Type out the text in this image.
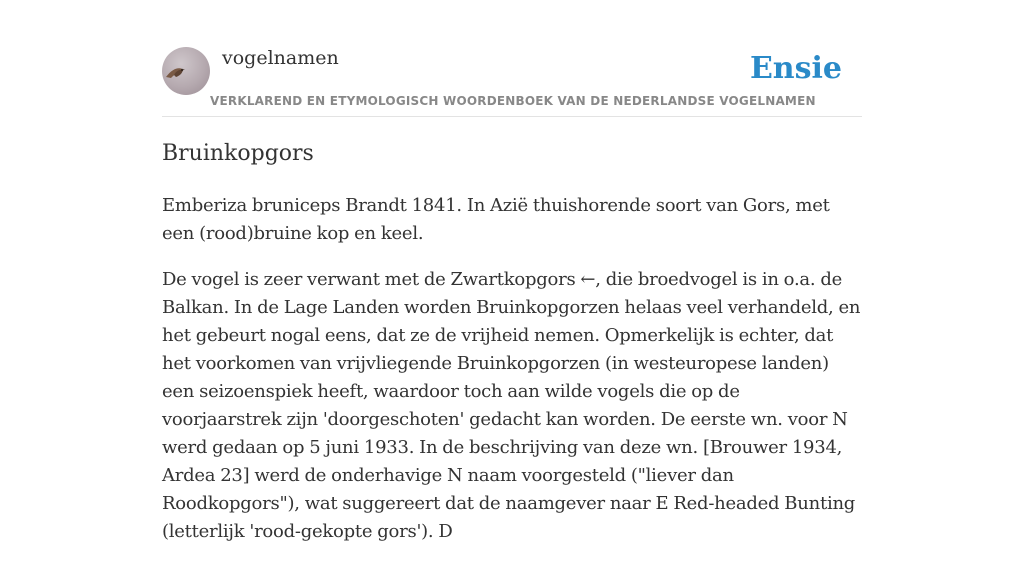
vogelnamen
VERKLAREND EN ETYMOLOGISCH WOORDENBOEK VAN DE NEDERLANDSE VOGELNAMEN
Ensie
Bruinkopgors

Emberiza bruniceps Brandt 1841. In Azië thuishorende soort van Gors, met een (rood)bruine kop en keel.

De vogel is zeer verwant met de Zwartkopgors ←, die broedvogel is in o.a. de Balkan. In de Lage Landen worden Bruinkopgorzen helaas veel verhandeld, en het gebeurt nogal eens, dat ze de vrijheid nemen. Opmerkelijk is echter, dat het voorkomen van vrijvliegende Bruinkopgorzen (in westeuropese landen) een seizoenspiek heeft, waardoor toch aan wilde vogels die op de voorjaarstrek zijn 'doorgeschoten' gedacht kan worden. De eerste wn. voor N werd gedaan op 5 juni 1933. In de beschrijving van deze wn. [Brouwer 1934, Ardea 23] werd de onderhavige N naam voorgesteld ("liever dan Roodkopgors"), wat suggereert dat de naamgever naar E Red-headed Bunting (letterlijk 'rood-gekopte gors'). D
